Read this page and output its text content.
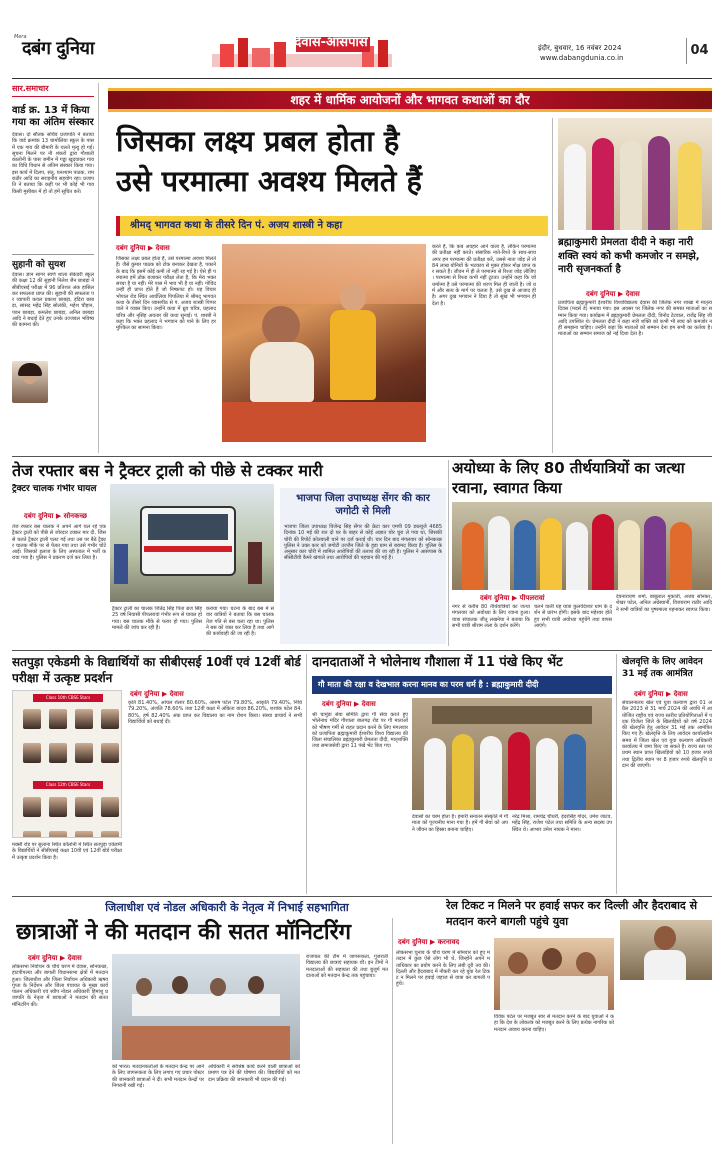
Mera
दबंग दुनिया	देवास-आसपास	इंदौर, बुधवार, 16 नवंबर 2024
www.dabangdunia.co.in	04
सार.समाचार
वार्ड क्र. 13 में किया गया का अंतिम संस्कार
देवास। दो सौतक सचिव प्रजापति ने बताया कि वार्ड क्रमांक 13 चामोलिया स्कूल के पास में एक गाय की बीमारी के चलते मृत्यु हो गई। सूचना मिलने पर नौ शंकरों द्वारा गौशाली कालोनी के पास जमीन में गड्ढा खुदवाकर गाय का विधि विधान से अंतिम संस्कार किया गया। इस कार्य में दिलप, संतू, घनश्याम पाठक, राम राठौर आदि का सराहनीय सहयोग रहा। प्रजापति ने बताया कि कहीं पर भी कोई भी गाय किसी मुसीबत में हो तो हमें सूचित करें।
सुहानी को सुयश
देवास। ज्ञान सागर स्वर्ण शाला सेंकंडरी स्कूल की कक्षा 12 की सुहानी निलेश जैन छाबड़ा ने सीबीएसई परीक्षा में 96 प्रतिशत अंक हासिल कर सफलता प्राप्त की। सुहानी की सफलता पर व्यापारी कवल प्रकाश छाबड़ा, इंदिरा छाबड़ा, सांसद महेंद्र सिंह सोलंकी, महेश चौहान, पवन छाबड़ा, कमलेश छाबड़ा, अनिल छाबड़ा आदि ने बधाई देते हुए उनके उज्जवल भविष्य की कामना की।
शहर में धार्मिक आयोजनों और भागवत कथाओं का दौर
जिसका लक्ष्य प्रबल होता है
उसे परमात्मा अवश्य मिलते हैं
श्रीमद् भागवत कथा के तीसरे दिन पं. अजय शास्त्री ने कहा
दबंग दुनिया ▶ देवास
जिसका लक्ष्य प्रबल होता है, उसे परमात्मा अवश्य मिलते हैं। जैसे कुमार पाठक को टोक बनाकर देखता है, पकाने के बाद कि इसमें कोई कमी तो नहीं रह गई है। ऐसे ही परमात्मा हमें ठोक बजाकर परीक्षा लेता है, कि मेरा भक्त सच्चा है या नहीं। मेरे पास में भाव भी है या नहीं। गोविंद उन्हीं ही प्राप्त होते हैं जो निष्कपट हो। यह विचार भोपाल रोड स्थित आर्थलिया पिपलिया में श्रीमद् भागवत कथा के तीसरे दिन व्यासपीठ से पं. अजय शास्त्री पिप्पर वाले ने व्यक्त किए। उन्होंने कथा में ध्रुव चरित्र, प्रहलाद चरित्र और नृसिंह अवतार की कथा सुनाई। पं. शास्त्री ने कहा कि भक्त प्रहलाद ने भगवान को पाने के लिए हर मुश्किल का सामना किया।
करते हैं, कि कब अवहार आने वाला है, लेकिन परमात्मा की प्रतीक्षा नहीं करते। संसारिक नाते-रिश्ते के साथ-साथ अगर हम परमात्मा की प्रतीक्षा करें, उससे नाता जोड़ लें तो 84 लाख योनियों के भटकाव से मुक्त होकर मोक्ष प्राप्त कर सकते हैं। जीवन में ही ले परमात्मा से रिश्ता जोड़ लीजिए। परमात्मा से रिश्ता कभी नहीं टूटता। उन्होंने कहा कि जो धर्मात्मा है उसे परमात्मा की शरण मिल ही जाती है। जो धर्म और सत्य के मार्ग पर चलता है, उसे दुख से आजाद ही है। अगर दुख भगवान ने दिया है तो सुख भी भगवान ही देता है।
ब्रह्माकुमारी प्रेमलता दीदी ने कहा नारी शक्ति स्वयं को कभी कमजोर न समझे, नारी सृजनकर्ता है
दबंग दुनिया ▶ देवास
प्रजापिता ब्रह्माकुमारी ईश्वरीय विश्वविद्यालय देवास की जिलेंक नगर शाखा में मातृत्व दिवस (मदर्स डे) मनाया गया। इस अवसर पर जिलेक नगर की समस्त माताओं का सम्मान किया गया। कार्यक्रम में ब्रह्माकुमारी प्रेमलता दीदी, विनोद टेटवाल, राजेंद्र सिंह जी आदि उपस्थित थे। प्रेमलता दीदी ने कहा नारी शक्ति को कभी भी स्वयं को कमजोर नहीं समझना चाहिए। उन्होंने कहा कि माताओं को सम्मान देना हम सभी का कर्तव्य है। माताओं का सम्मान समाज को नई दिशा देता है।
तेज रफ्तार बस ने ट्रैक्टर ट्राली को पीछे से टक्कर मारी
ट्रैक्टर चालक गंभीर घायल
दबंग दुनिया ▶ सोनकच्छ
तेज रफ्तार बस चालक ने अपने आगे चल रहे एक ट्रैक्टर ट्राली को पीछे से जोरदार टक्कर मार दी, जिससे चलते ट्रैक्टर ट्राली पलट गई तथा उस पर बैठे ट्रैक्टर चालक मौके पर से फेंका गया तथा उसे गंभीर चोटें आईं। जिसको इलाज के लिए अस्पताल में भर्ती कराया गया है। पुलिस ने प्रकरण दर्ज कर लिया है।
ट्रैक्टर ट्राली का चालक जितेंद्र सिंह पिता ब्रज सिंह 25 वर्ष निवासी पीपलरावां गंभीर रूप से घायल हो गया। बस चालक मौके से फरार हो गया। पुलिस मामले की जांच कर रही है।
कराया गया। घटना के बाद बस में सवार यात्रियों ने बताया कि बस चालक तेज गति से बस चला रहा था। पुलिस ने बस को जब्त कर लिया है तथा आगे की कार्यवाही की जा रही है।
भाजपा जिला उपाध्यक्ष सेंगर की कार जगोटी से मिली
भाजपा जिला उपाध्यक्ष विजेन्द्र सिंह सेंगर की क्रेटा कार एमपी 09 डब्ल्यूजे 4685 दिनांक 10 मई की रात दो घर के बाहर से कोई अज्ञात चोर चुरा ले गया था, जिसकी चोरी की रिपोर्ट कोतवाली थाने पर दर्ज कराई थी। चार दिन बाद मंगलवार को सोनकच्छ पुलिस ने उक्त कार को जगोटी उज्जैन जिले के हुडा ग्राम से बरामद किया है। पुलिस के अनुसार कार चोरी में शामिल आरोपियों की तलाश की जा रही है। पुलिस ने आसपास के सीसीटीवी कैमरे खंगाले तथा आरोपियों की पहचान की गई है।
अयोध्या के लिए 80 तीर्थयात्रियों का जत्था रवाना, स्वागत किया
दबंग दुनिया ▶ पीपलरावां
नगर से करीब 80 तीर्थयात्रियों का जत्था मंगलवार को अयोध्या के लिए रवाना हुआ। यात्रा संचालक जीतू लखनेचा ने बताया कि सभी यात्री श्रीराम लला के दर्शन करेंगे।
चलने वाली यह यात्रा कुलवेदेश्वर धाम के दर्शन से प्रारंभ होगी। इसके बाद महेश्वर होते हुए सभी यात्री अयोध्या पहुंचेंगे तथा वापस आएंगे।
देवनारायण शर्मा, बाबूलाल मुकाती, अजय सोनकर, शेखर पटेल, अनिल अग्रेस्थानी, विजयराम राठौर आदि ने सभी यात्रियों का पुष्पमाला पहनाकर स्वागत किया।
सतपुड़ा एकेडमी के विद्यार्थियों का सीबीएसई 10वीं एवं 12वीं बोर्ड परीक्षा में उत्कृष्ट प्रदर्शन
Class 10th CBSE Stars
Class 12th CBSE Stars
मक्सी रोड पर सुलाना स्थित कॉलोनी में स्थित सतपुड़ा एकेडमी के विद्यार्थियों ने सीबीएसई कक्षा 10वीं एवं 12वीं बोर्ड परीक्षा में उत्कृष्ट प्रदर्शन किया है।
दबंग दुनिया ▶ देवास
कृति 81.40%, आंचल शेलार 80.60%, आरुष पटेल 79.80%, आकृति 79.40%, निधि 79.20%, अंजलि 78.60% तथा 12वीं कक्षा में अंकिता यादव 86.20%, शशांक पटेल 84.80%, हर्ष 82.40% अंक प्राप्त कर विद्यालय का नाम रोशन किया। संस्था प्राचार्य ने सभी विद्यार्थियों को बधाई दी।
दानदाताओं ने भोलेनाथ गौशाला में 11 पंखे किए भेंट
गौ माता की रक्षा व देखभाल करना मानव का परम धर्म है : ब्रह्माकुमारी दीदी
दबंग दुनिया ▶ देवास
श्री चामुंडा सेवा समिति द्वारा गौ सेवा करते हुए भोलेनाथ मंदिर गौशाला बालगढ़ रोड पर गौ माताओं को भीषण गर्मी से राहत प्रदान करने के लिए मंगलवार को प्रजापिता ब्रह्माकुमारी ईश्वरीय विश्व विद्यालय की जिला संचालिका ब्रह्माकुमारी प्रेमलता दीदी, मातृशक्ति तथा समाजसेवी द्वारा 11 पंखे भेंट किए गए।
देवासों का चरम होता है। हमारी सनातन संस्कृति में गौ माता को पूज्यनीय माना गया है। हमें गौ सेवा को अपने जीवन का हिस्सा बनाना चाहिए।
नरेंद्र मिश्रा, रामचंद्र चौधरी, इंदरसिंह गोदर, उमेश जाटव, महेंद्र सिंह, राजेश पटेल तथा समिति के अन्य सदस्य उपस्थित थे। आभार उमेश नायक ने माना।
खेलवृत्ति के लिए आवेदन 31 मई तक आमंत्रित
दबंग दुनिया ▶ देवास
संचालनालय खेल एवं युवा कल्याण द्वारा 01 अप्रैल 2023 से 31 मार्च 2024 की अवधि में आयोजित राष्ट्रीय एवं राज्य स्तरीय प्रतियोगिताओं में पदक विजेता जिले के खिलाड़ियों को वर्ष 2024 की खेलवृत्ति हेतु आवेदन 31 मई तक आमंत्रित किए गए हैं। खेलवृत्ति के लिए आवेदन कार्यालयीन समय में जिला खेल एवं युवा कल्याण अधिकारी कार्यालय में जमा किए जा सकते हैं। राज्य स्तर पर प्रथम स्थान प्राप्त खिलाड़ियों को 10 हजार रुपये तथा द्वितीय स्थान पर 8 हजार रुपये खेलवृत्ति प्रदान की जाएगी।
जिलाधीश एवं नोडल अधिकारी के नेतृत्व में निभाई सहभागिता
छात्राओं ने की मतदान की सतत मॉनिटरिंग
दबंग दुनिया ▶ देवास
लोकसभा निर्वाचन के चौथे चरण में देवास, सोनकच्छ, हाटपीपल्या और बागली विधानसभा क्षेत्रों में मतदान हुआ। जिलाधीश और जिला निर्वाचन अधिकारी ऋषव गुप्ता के निर्देशन और जिला पंचायत के मुख्य कार्यपालन अधिकारी एवं स्वीप नोडल अधिकारी हिमांशु प्रजापति के नेतृत्व में छात्राओं ने मतदान की सतत मॉनिटरिंग की।
को भारत। मतदानकर्ताओं के मतदान केन्द्र पर आने के लिए जागरूकता के लिए लगाए गए प्रचार पोस्टर की जानकारी छात्राओं ने दी। सभी मतदान केन्द्रों पर निगरानी रखी गई।
अधिकारी ने सर्वश्रेष्ठ कार्य करने वाली छात्राओं को प्रमाण पत्र देने की घोषणा की। विद्यार्थियों को मतदान प्रक्रिया की जानकारी भी प्रदान की गई।
राजपाल की टीम में जागरूकता, गुजराती विद्यालय की छात्राएं सहायक थीं। इन टीमों ने मतदाताओं की सहायता की तथा बुजुर्ग मतदाताओं को मतदान केन्द्र तक पहुंचाया।
रेल टिकट न मिलने पर हवाई सफर कर दिल्ली और हैदराबाद से मतदान करने बागली पहुंचे युवा
दबंग दुनिया ▶ करनावद
लोकसभा चुनाव के चौथे चरण में सोमवार को हुए मतदान में कुछ ऐसे लोग भी थे, जिन्होंने अपने मताधिकार का प्रयोग करने के लिए लंबी दूरी तय की। दिल्ली और हैदराबाद में नौकरी कर रहे युवा रेल टिकट न मिलने पर हवाई जहाज से यात्रा कर बागली पहुंचे।
विवेक पटेल पर मजबूत स्वर से मतदान करने के बाद युवाओं ने कहा कि देश के लोकतंत्र को मजबूत करने के लिए प्रत्येक नागरिक को मतदान अवश्य करना चाहिए।
